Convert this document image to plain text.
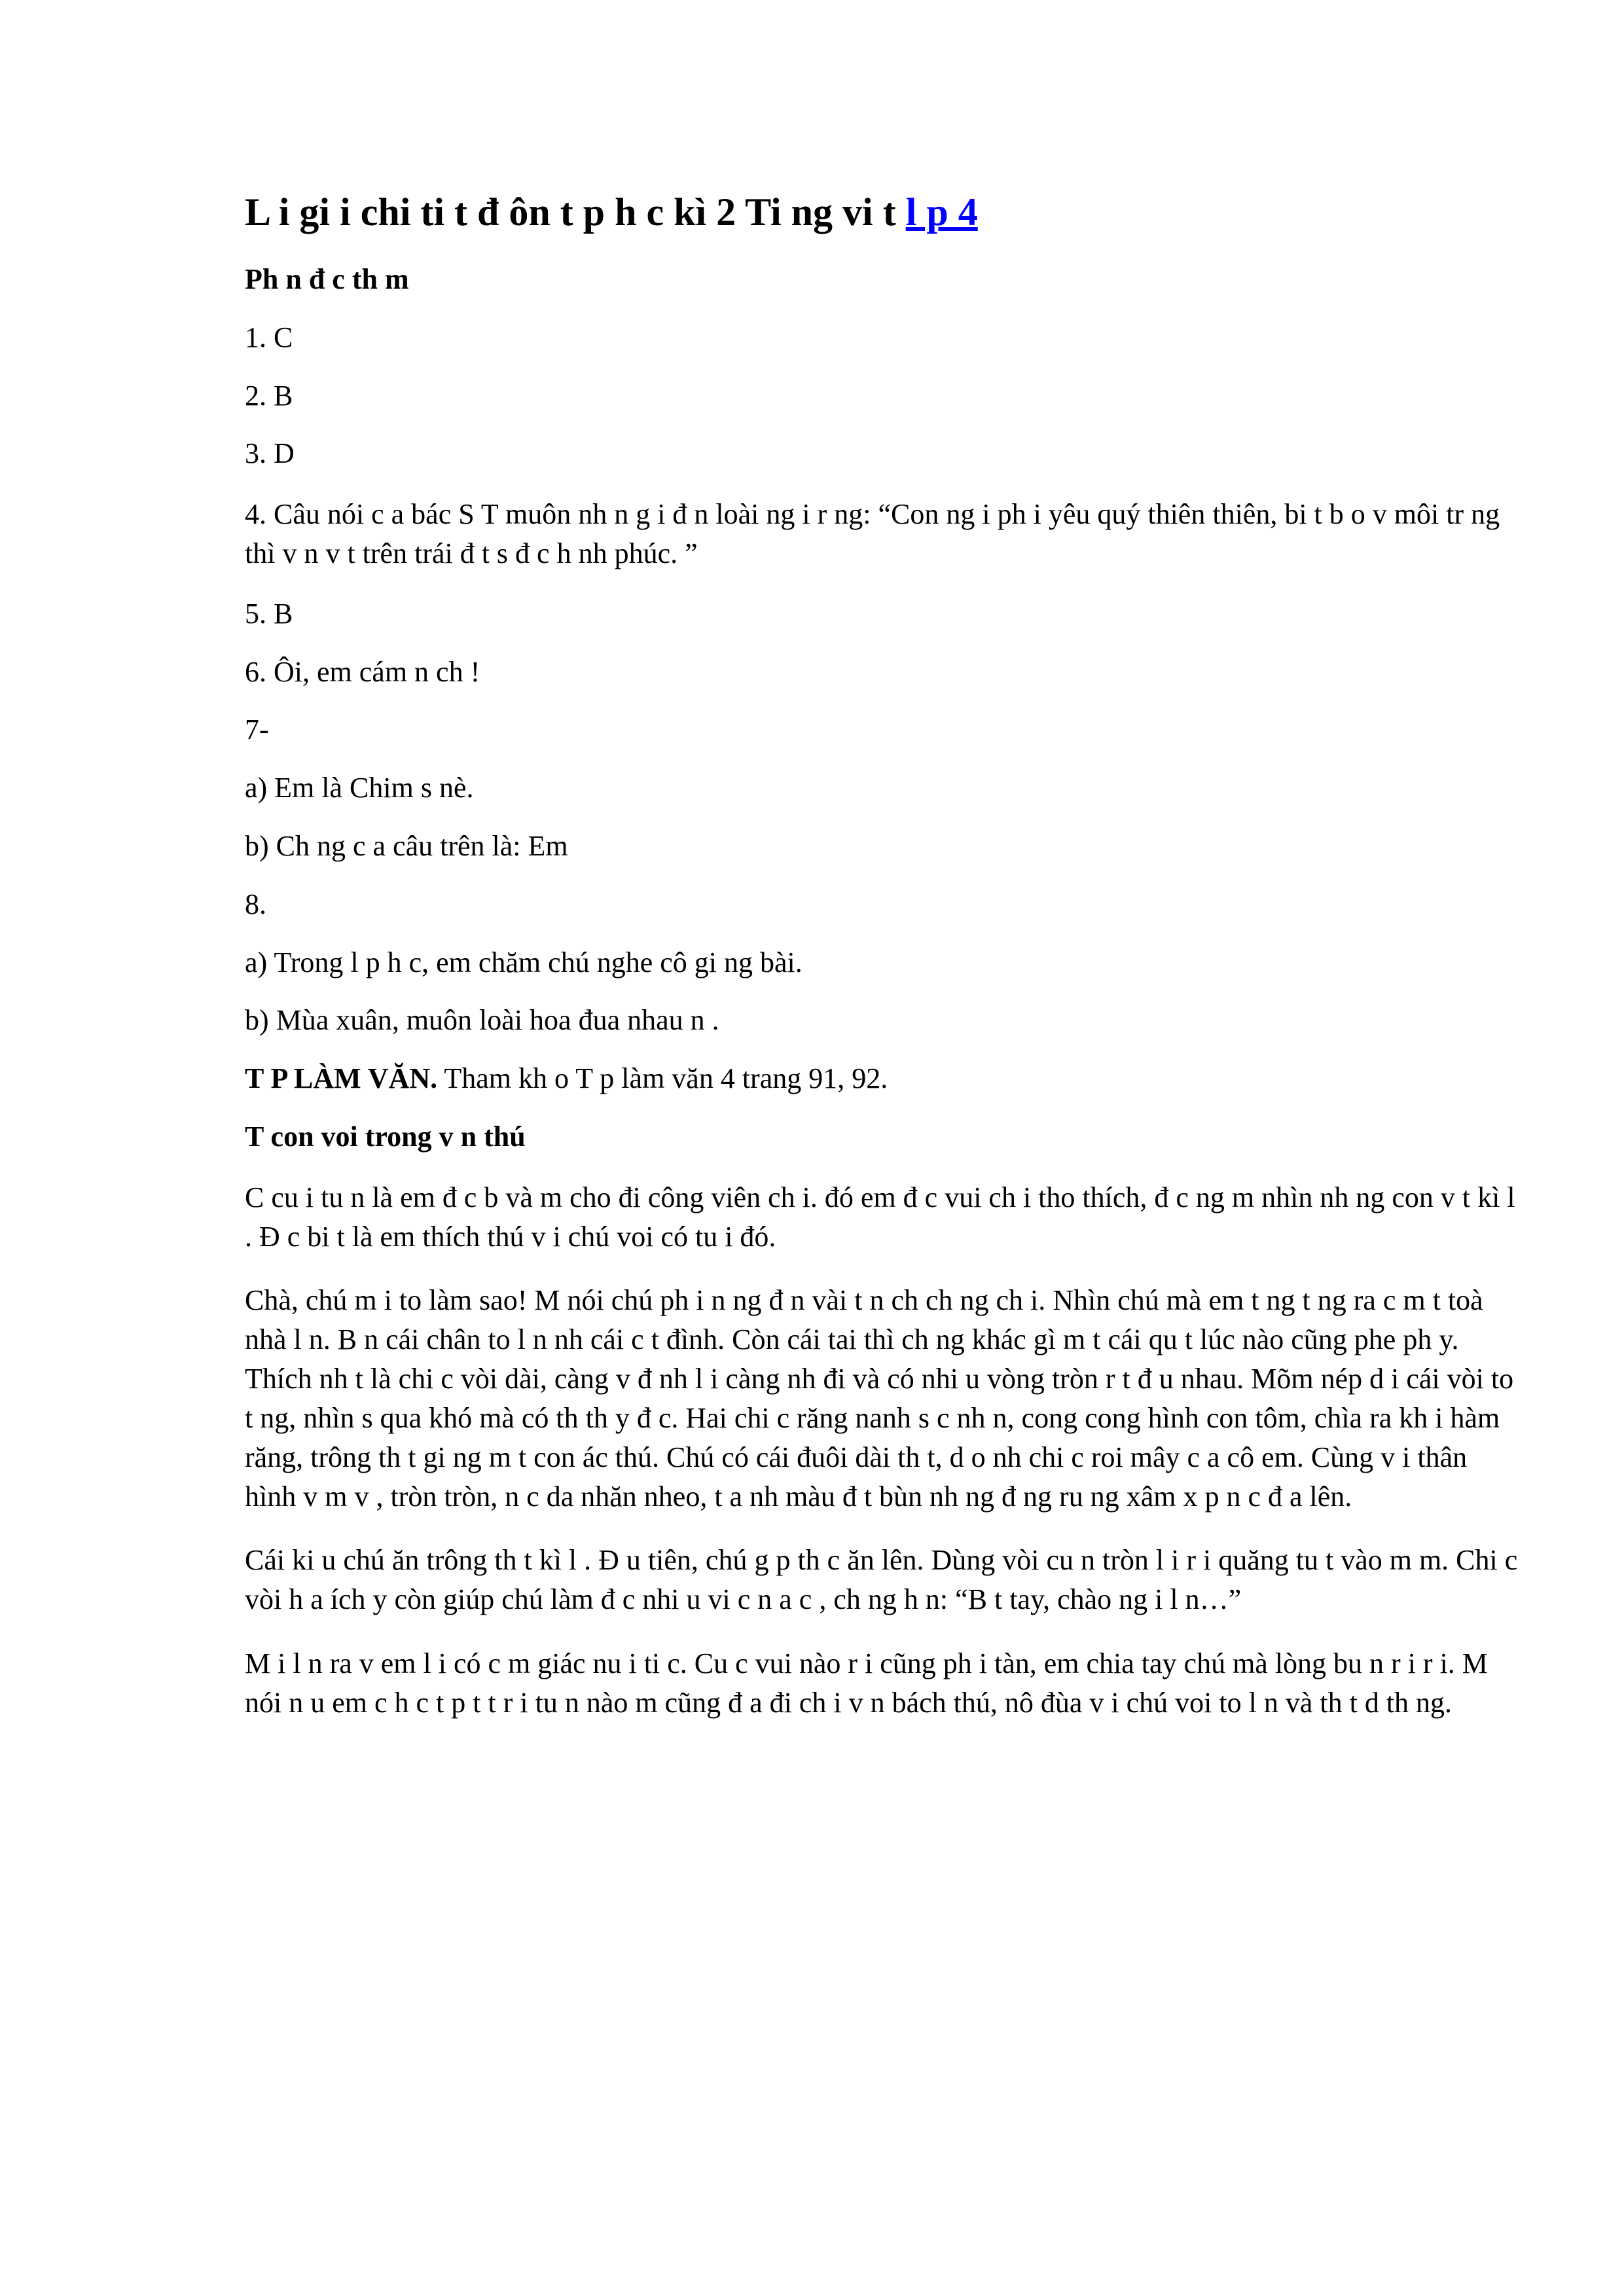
L i gi i chi ti t đ ôn t p h c kì 2 Ti ng vi t l p 4
Ph n đ c th m
1. C
2. B
3. D
4. Câu nói c a bác S T muôn nh n g i đ n loài ng i r ng: “Con ng i ph i yêu quý thiên thiên, bi t b o v môi tr ng thì v n v t trên trái đ t s đ c h nh phúc. ”
5. B
6. Ôi, em cám n ch !
7-
a) Em là Chim s nè.
b) Ch ng c a câu trên là: Em
8.
a) Trong l p h c, em chăm chú nghe cô gi ng bài.
b) Mùa xuân, muôn loài hoa đua nhau n .
T P LÀM VĂN. Tham kh o T p làm văn 4 trang 91, 92.
T con voi trong v n thú
C cu i tu n là em đ c b và m cho đi công viên ch i. đó em đ c vui ch i tho thích, đ c ng m nhìn nh ng con v t kì l . Đ c bi t là em thích thú v i chú voi có tu i đó.
Chà, chú m i to làm sao! M nói chú ph i n ng đ n vài t n ch ch ng ch i. Nhìn chú mà em t ng t ng ra c m t toà nhà l n. B n cái chân to l n nh cái c t đình. Còn cái tai thì ch ng khác gì m t cái qu t lúc nào cũng phe ph y. Thích nh t là chi c vòi dài, càng v đ nh l i càng nh đi và có nhi u vòng tròn r t đ u nhau. Mõm nép d i cái vòi to t ng, nhìn s qua khó mà có th th y đ c. Hai chi c răng nanh s c nh n, cong cong hình con tôm, chìa ra kh i hàm răng, trông th t gi ng m t con ác thú. Chú có cái đuôi dài th t, d o nh chi c roi mây c a cô em. Cùng v i thân hình v m v , tròn tròn, n c da nhăn nheo, t a nh màu đ t bùn nh ng đ ng ru ng xâm x p n c đ a lên.
Cái ki u chú ăn trông th t kì l . Đ u tiên, chú g p th c ăn lên. Dùng vòi cu n tròn l i r i quăng tu t vào m m. Chi c vòi h a ích y còn giúp chú làm đ c nhi u vi c n a c , ch ng h n: “B t tay, chào ng i l n…”
M i l n ra v em l i có c m giác nu i ti c. Cu c vui nào r i cũng ph i tàn, em chia tay chú mà lòng bu n r i r i. M nói n u em c h c t p t t r i tu n nào m cũng đ a đi ch i v n bách thú, nô đùa v i chú voi to l n và th t d th ng.
